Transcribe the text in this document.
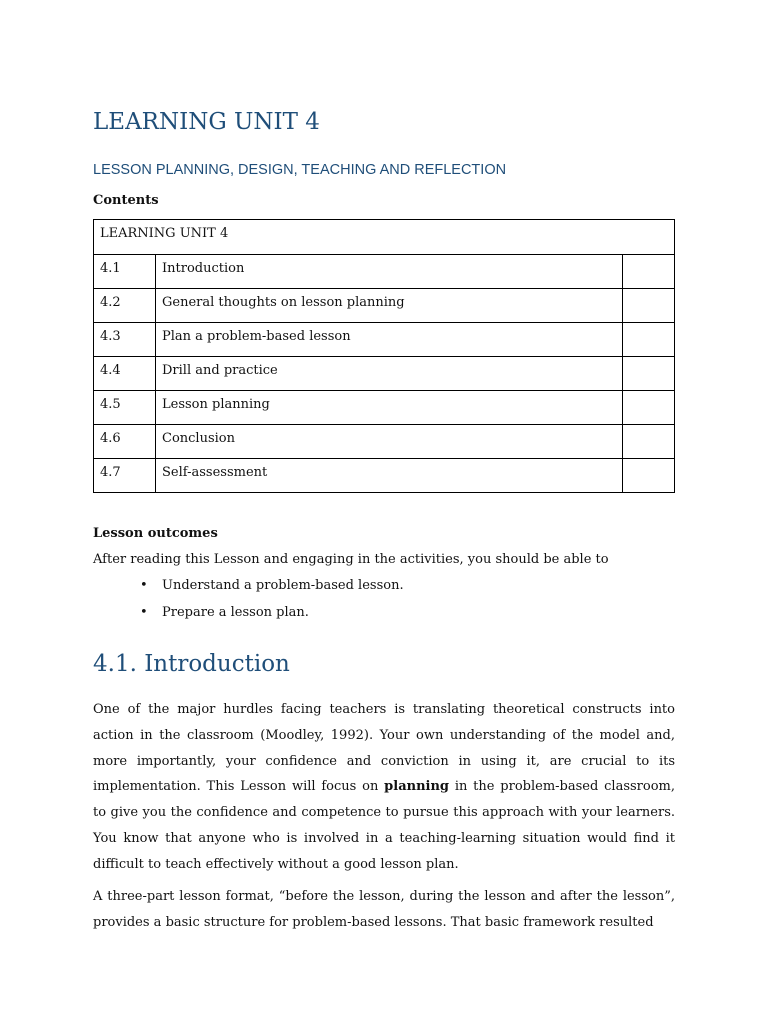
LEARNING UNIT 4
LESSON PLANNING, DESIGN, TEACHING AND REFLECTION

Contents

LEARNING UNIT 4		
4.1	Introduction	
4.2	General thoughts on lesson planning	
4.3	Plan a problem-based lesson	
4.4	Drill and practice	
4.5	Lesson planning	
4.6	Conclusion	
4.7	Self-assessment	

Lesson outcomes

After reading this Lesson and engaging in the activities, you should be able to

• Understand a problem-based lesson.
• Prepare a lesson plan.
4.1. Introduction

One of the major hurdles facing teachers is translating theoretical constructs into action in the classroom (Moodley, 1992). Your own understanding of the model and, more importantly, your confidence and conviction in using it, are crucial to its implementation. This Lesson will focus on planning in the problem-based classroom, to give you the confidence and competence to pursue this approach with your learners. You know that anyone who is involved in a teaching-learning situation would find it difficult to teach effectively without a good lesson plan.

A three-part lesson format, “before the lesson, during the lesson and after the lesson”, provides a basic structure for problem-based lessons. That basic framework resulted
